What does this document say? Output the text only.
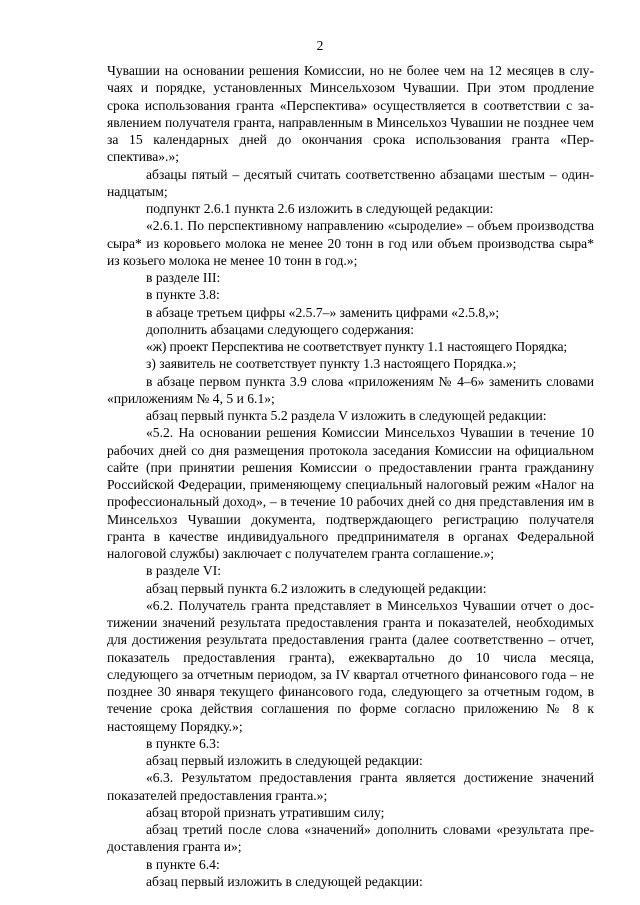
2

Чувашии на основании решения Комиссии, но не более чем на 12 месяцев в случаях и порядке, установленных Минсельхозом Чувашии. При этом продление срока использования гранта «Перспектива» осуществляется в соответствии с заявлением получателя гранта, направленным в Минсельхоз Чувашии не позднее чем за 15 календарных дней до окончания срока использования гранта «Перспектива».»;

абзацы пятый – десятый считать соответственно абзацами шестым – одиннадцатым;

подпункт 2.6.1 пункта 2.6 изложить в следующей редакции:

«2.6.1. По перспективному направлению «сыроделие» – объем производства сыра* из коровьего молока не менее 20 тонн в год или объем производства сыра* из козьего молока не менее 10 тонн в год.»;

в разделе III:

в пункте 3.8:

в абзаце третьем цифры «2.5.7–» заменить цифрами «2.5.8,»;

дополнить абзацами следующего содержания:

«ж) проект Перспектива не соответствует пункту 1.1 настоящего Порядка;

з) заявитель не соответствует пункту 1.3 настоящего Порядка.»;

в абзаце первом пункта 3.9 слова «приложениям № 4–6» заменить словами «приложениям № 4, 5 и 6.1»;

абзац первый пункта 5.2 раздела V изложить в следующей редакции:

«5.2. На основании решения Комиссии Минсельхоз Чувашии в течение 10 рабочих дней со дня размещения протокола заседания Комиссии на официальном сайте (при принятии решения Комиссии о предоставлении гранта гражданину Российской Федерации, применяющему специальный налоговый режим «Налог на профессиональный доход», – в течение 10 рабочих дней со дня представления им в Минсельхоз Чувашии документа, подтверждающего регистрацию получателя гранта в качестве индивидуального предпринимателя в органах Федеральной налоговой службы) заключает с получателем гранта соглашение.»;

в разделе VI:

абзац первый пункта 6.2 изложить в следующей редакции:

«6.2. Получатель гранта представляет в Минсельхоз Чувашии отчет о достижении значений результата предоставления гранта и показателей, необходимых для достижения результата предоставления гранта (далее соответственно – отчет, показатель предоставления гранта), ежеквартально до 10 числа месяца, следующего за отчетным периодом, за IV квартал отчетного финансового года – не позднее 30 января текущего финансового года, следующего за отчетным годом, в течение срока действия соглашения по форме согласно приложению № 8 к настоящему Порядку.»;

в пункте 6.3:

абзац первый изложить в следующей редакции:

«6.3. Результатом предоставления гранта является достижение значений показателей предоставления гранта.»;

абзац второй признать утратившим силу;

абзац третий после слова «значений» дополнить словами «результата предоставления гранта и»;

в пункте 6.4:

абзац первый изложить в следующей редакции:
